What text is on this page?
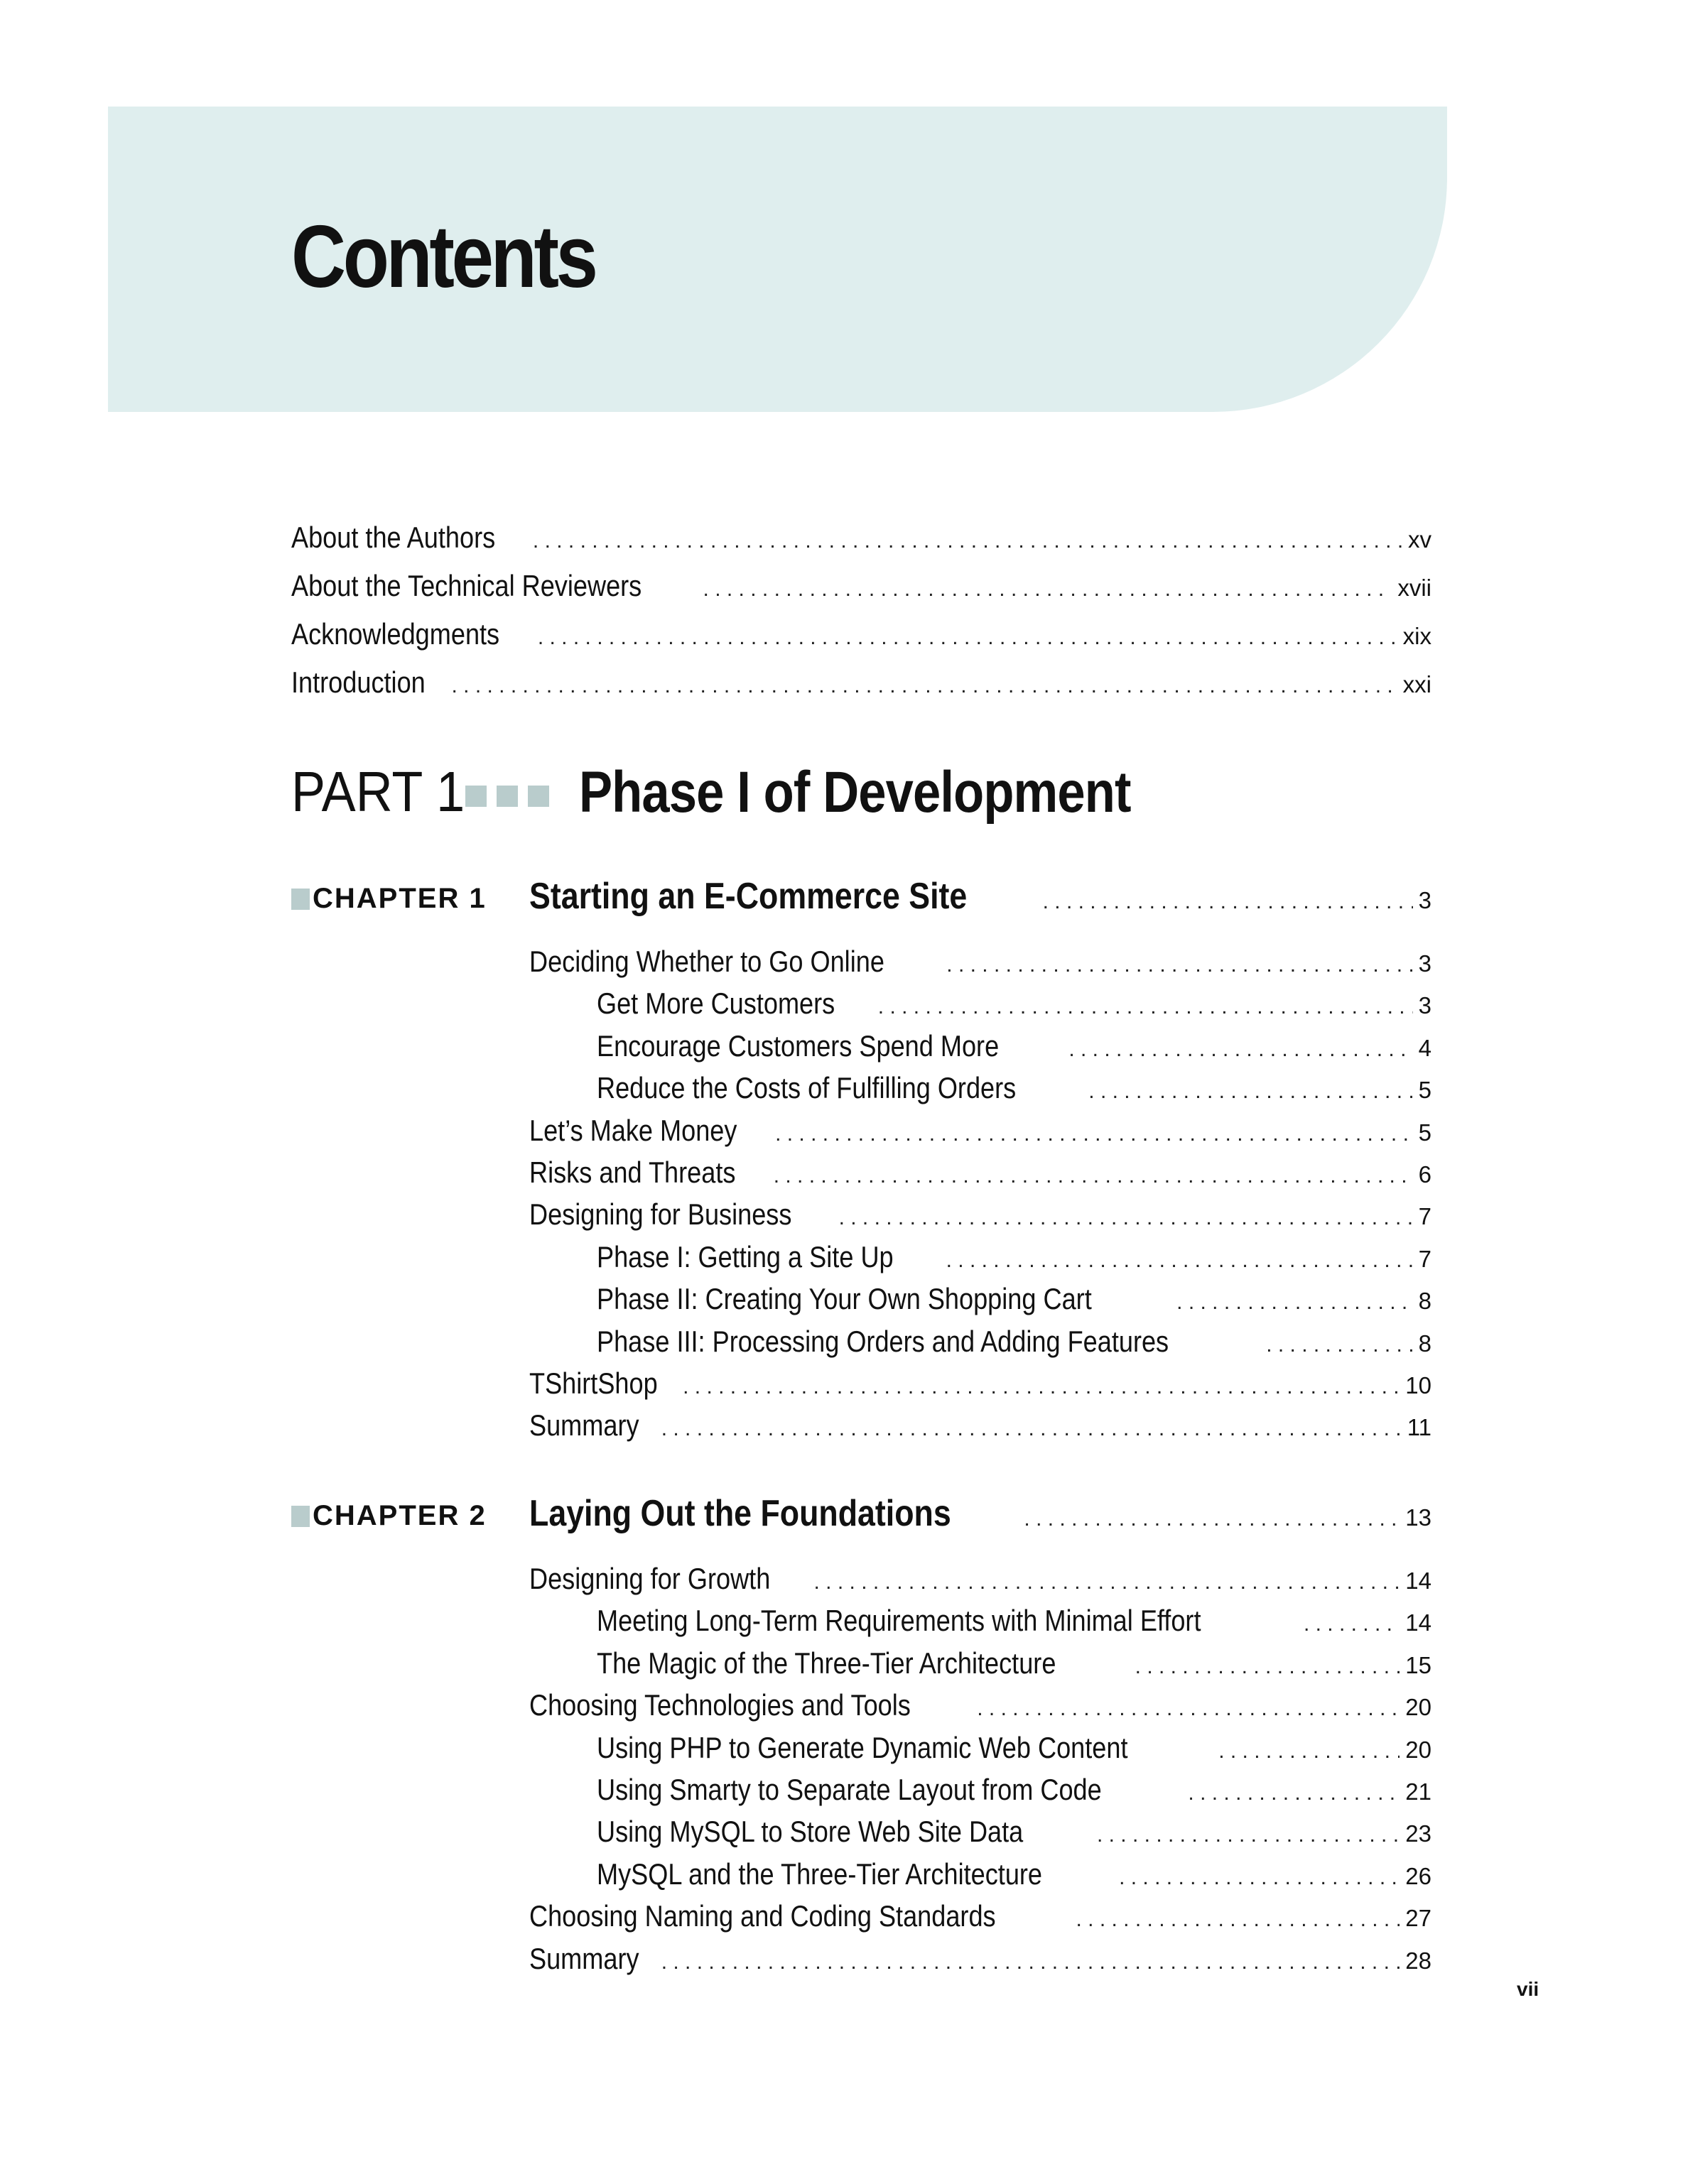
Contents
About the Authors . . .	xv
About the Technical Reviewers . . .	xvii
Acknowledgments . . .	xix
Introduction . . .	xxi
PART 1 Phase I of Development
CHAPTER 1 Starting an E-Commerce Site . . .	3
Deciding Whether to Go Online . . .	3
Get More Customers . . .	3
Encourage Customers Spend More . . .	4
Reduce the Costs of Fulfilling Orders . . .	5
Let’s Make Money . . .	5
Risks and Threats . . .	6
Designing for Business . . .	7
Phase I: Getting a Site Up . . .	7
Phase II: Creating Your Own Shopping Cart . . .	8
Phase III: Processing Orders and Adding Features . . .	8
TShirtShop . . .	10
Summary . . .	11
CHAPTER 2 Laying Out the Foundations . . .	13
Designing for Growth . . .	14
Meeting Long-Term Requirements with Minimal Effort . . .	14
The Magic of the Three-Tier Architecture . . .	15
Choosing Technologies and Tools . . .	20
Using PHP to Generate Dynamic Web Content . . .	20
Using Smarty to Separate Layout from Code . . .	21
Using MySQL to Store Web Site Data . . .	23
MySQL and the Three-Tier Architecture . . .	26
Choosing Naming and Coding Standards . . .	27
Summary . . .	28
vii
